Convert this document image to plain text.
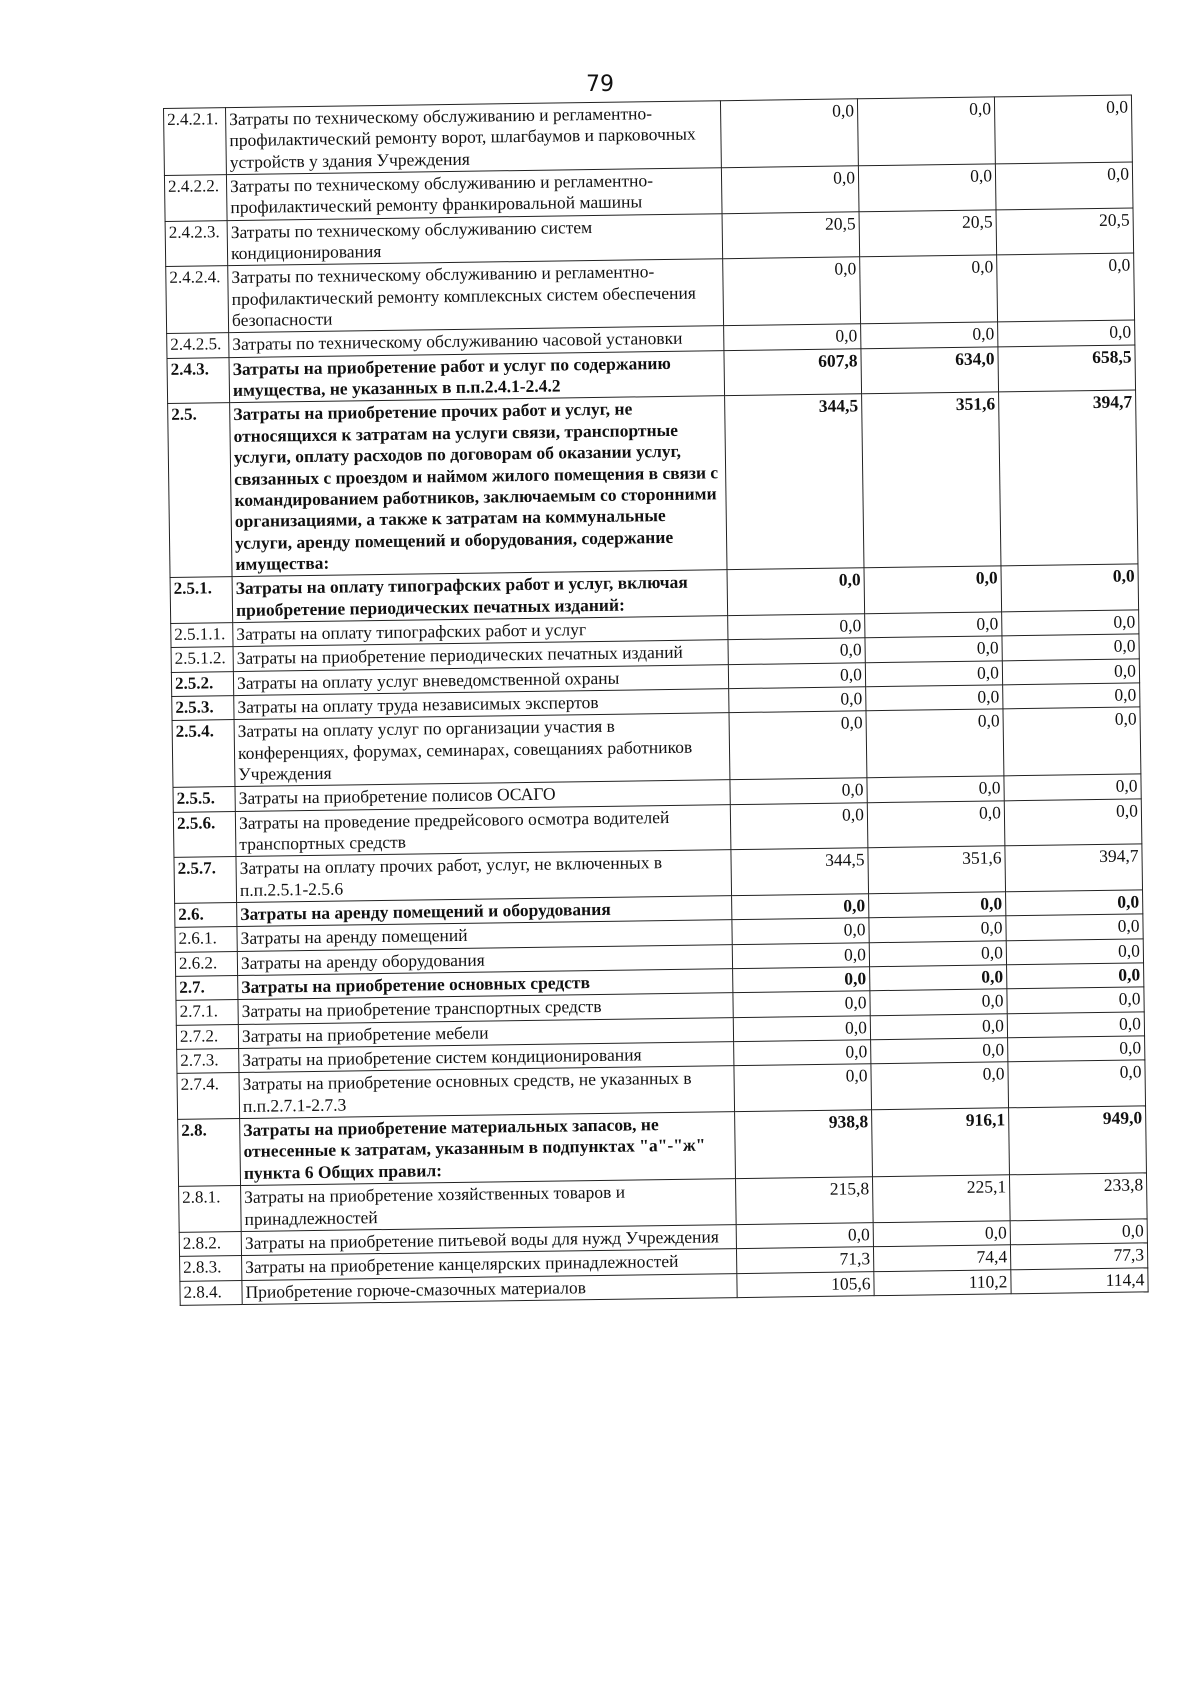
79
2.4.2.1.	Затраты по техническому обслуживанию и регламентно-профилактический ремонту ворот, шлагбаумов и парковочных устройств у здания Учреждения	0,0	0,0	0,0
2.4.2.2.	Затраты по техническому обслуживанию и регламентно-профилактический ремонту франкировальной машины	0,0	0,0	0,0
2.4.2.3.	Затраты по техническому обслуживанию систем кондиционирования	20,5	20,5	20,5
2.4.2.4.	Затраты по техническому обслуживанию и регламентно-профилактический ремонту комплексных систем обеспечения безопасности	0,0	0,0	0,0
2.4.2.5.	Затраты по техническому обслуживанию часовой установки	0,0	0,0	0,0
2.4.3.	Затраты на приобретение работ и услуг по содержанию имущества, не указанных в п.п.2.4.1-2.4.2	607,8	634,0	658,5
2.5.	Затраты на приобретение прочих работ и услуг, не относящихся к затратам на услуги связи, транспортные услуги, оплату расходов по договорам об оказании услуг, связанных с проездом и наймом жилого помещения в связи с командированием работников, заключаемым со сторонними организациями, а также к затратам на коммунальные услуги, аренду помещений и оборудования, содержание имущества:	344,5	351,6	394,7
2.5.1.	Затраты на оплату типографских работ и услуг, включая приобретение периодических печатных изданий:	0,0	0,0	0,0
2.5.1.1.	Затраты на оплату типографских работ и услуг	0,0	0,0	0,0
2.5.1.2.	Затраты на приобретение периодических печатных изданий	0,0	0,0	0,0
2.5.2.	Затраты на оплату услуг вневедомственной охраны	0,0	0,0	0,0
2.5.3.	Затраты на оплату труда независимых экспертов	0,0	0,0	0,0
2.5.4.	Затраты на оплату услуг по организации участия в конференциях, форумах, семинарах, совещаниях работников Учреждения	0,0	0,0	0,0
2.5.5.	Затраты на приобретение полисов ОСАГО	0,0	0,0	0,0
2.5.6.	Затраты на проведение предрейсового осмотра водителей транспортных средств	0,0	0,0	0,0
2.5.7.	Затраты на оплату прочих работ, услуг, не включенных в п.п.2.5.1-2.5.6	344,5	351,6	394,7
2.6.	Затраты на аренду помещений и оборудования	0,0	0,0	0,0
2.6.1.	Затраты на аренду помещений	0,0	0,0	0,0
2.6.2.	Затраты на аренду оборудования	0,0	0,0	0,0
2.7.	Затраты на приобретение основных средств	0,0	0,0	0,0
2.7.1.	Затраты на приобретение транспортных средств	0,0	0,0	0,0
2.7.2.	Затраты на приобретение мебели	0,0	0,0	0,0
2.7.3.	Затраты на приобретение систем кондиционирования	0,0	0,0	0,0
2.7.4.	Затраты на приобретение основных средств, не указанных в п.п.2.7.1-2.7.3	0,0	0,0	0,0
2.8.	Затраты на приобретение материальных запасов, не отнесенные к затратам, указанным в подпунктах "а"-"ж" пункта 6 Общих правил:	938,8	916,1	949,0
2.8.1.	Затраты на приобретение хозяйственных товаров и принадлежностей	215,8	225,1	233,8
2.8.2.	Затраты на приобретение питьевой воды для нужд Учреждения	0,0	0,0	0,0
2.8.3.	Затраты на приобретение канцелярских принадлежностей	71,3	74,4	77,3
2.8.4.	Приобретение горюче-смазочных материалов	105,6	110,2	114,4
